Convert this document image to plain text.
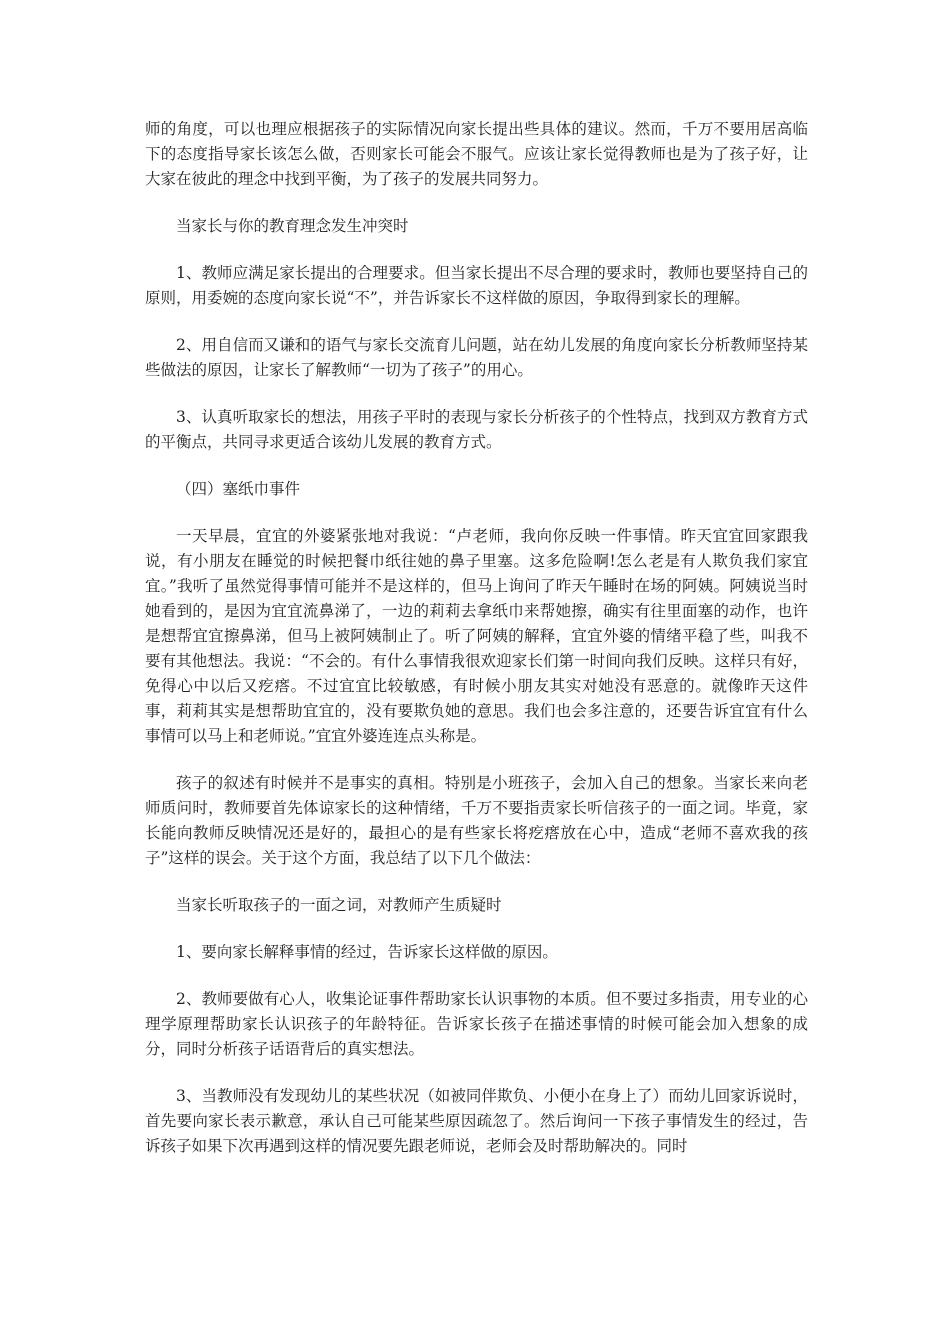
师的角度，可以也理应根据孩子的实际情况向家长提出些具体的建议。然而，千万不要用居高临下的态度指导家长该怎么做，否则家长可能会不服气。应该让家长觉得教师也是为了孩子好，让大家在彼此的理念中找到平衡，为了孩子的发展共同努力。

当家长与你的教育理念发生冲突时

1、教师应满足家长提出的合理要求。但当家长提出不尽合理的要求时，教师也要坚持自己的原则，用委婉的态度向家长说“不”，并告诉家长不这样做的原因，争取得到家长的理解。

2、用自信而又谦和的语气与家长交流育儿问题，站在幼儿发展的角度向家长分析教师坚持某些做法的原因，让家长了解教师“一切为了孩子”的用心。

3、认真听取家长的想法，用孩子平时的表现与家长分析孩子的个性特点，找到双方教育方式的平衡点，共同寻求更适合该幼儿发展的教育方式。

（四）塞纸巾事件

一天早晨，宜宜的外婆紧张地对我说：“卢老师，我向你反映一件事情。昨天宜宜回家跟我说，有小朋友在睡觉的时候把餐巾纸往她的鼻子里塞。这多危险啊!怎么老是有人欺负我们家宜宜。”我听了虽然觉得事情可能并不是这样的，但马上询问了昨天午睡时在场的阿姨。阿姨说当时她看到的，是因为宜宜流鼻涕了，一边的莉莉去拿纸巾来帮她擦，确实有往里面塞的动作，也许是想帮宜宜擦鼻涕，但马上被阿姨制止了。听了阿姨的解释，宜宜外婆的情绪平稳了些，叫我不要有其他想法。我说：“不会的。有什么事情我很欢迎家长们第一时间向我们反映。这样只有好，免得心中以后又疙瘩。不过宜宜比较敏感，有时候小朋友其实对她没有恶意的。就像昨天这件事，莉莉其实是想帮助宜宜的，没有要欺负她的意思。我们也会多注意的，还要告诉宜宜有什么事情可以马上和老师说。”宜宜外婆连连点头称是。

孩子的叙述有时候并不是事实的真相。特别是小班孩子，会加入自己的想象。当家长来向老师质问时，教师要首先体谅家长的这种情绪，千万不要指责家长听信孩子的一面之词。毕竟，家长能向教师反映情况还是好的，最担心的是有些家长将疙瘩放在心中，造成“老师不喜欢我的孩子”这样的误会。关于这个方面，我总结了以下几个做法：

当家长听取孩子的一面之词，对教师产生质疑时

1、要向家长解释事情的经过，告诉家长这样做的原因。

2、教师要做有心人，收集论证事件帮助家长认识事物的本质。但不要过多指责，用专业的心理学原理帮助家长认识孩子的年龄特征。告诉家长孩子在描述事情的时候可能会加入想象的成分，同时分析孩子话语背后的真实想法。

3、当教师没有发现幼儿的某些状况（如被同伴欺负、小便小在身上了）而幼儿回家诉说时，首先要向家长表示歉意，承认自己可能某些原因疏忽了。然后询问一下孩子事情发生的经过，告诉孩子如果下次再遇到这样的情况要先跟老师说，老师会及时帮助解决的。同时
